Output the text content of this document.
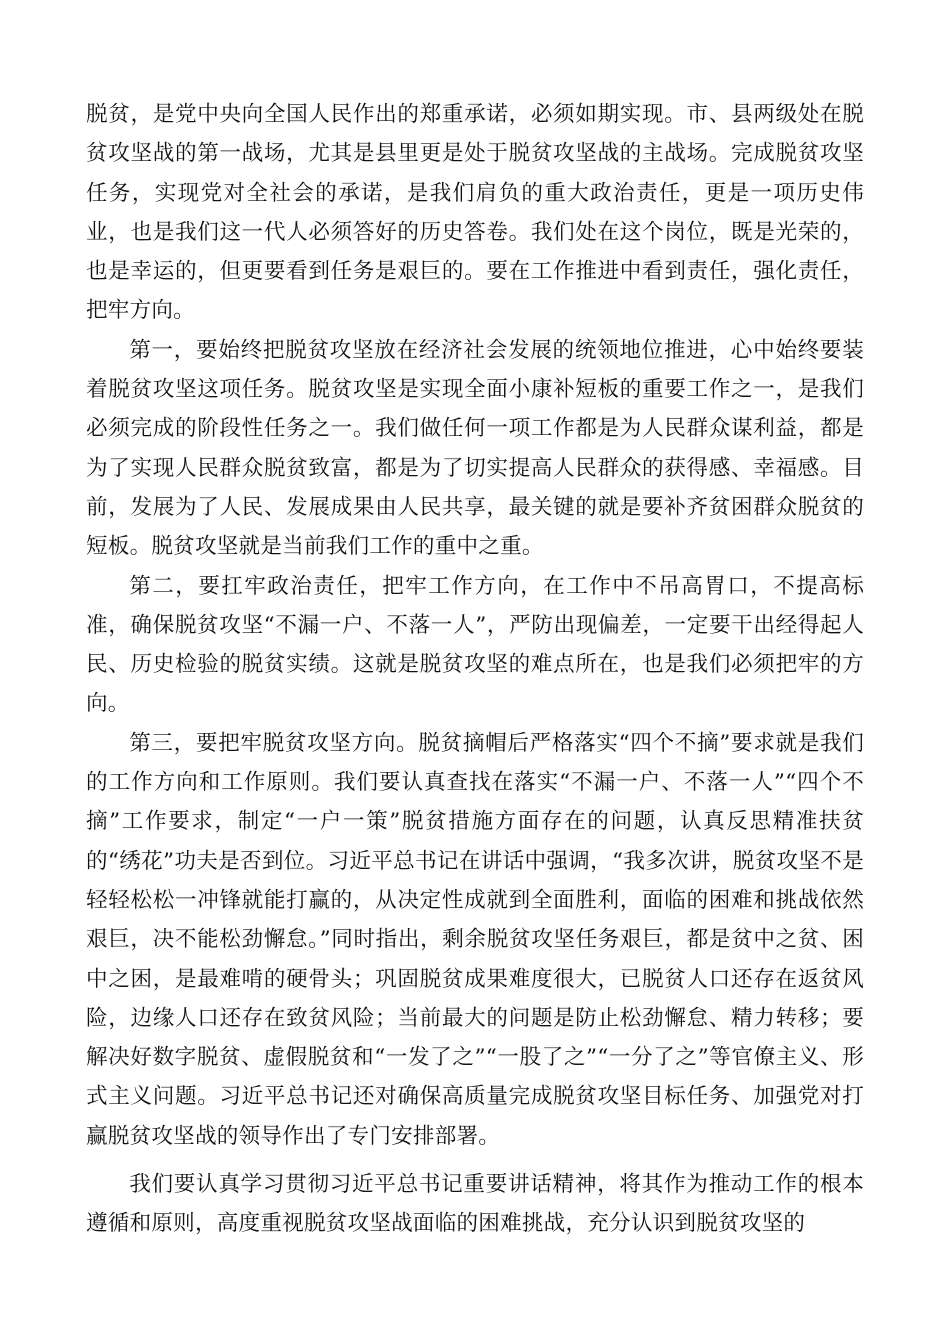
脱贫，是党中央向全国人民作出的郑重承诺，必须如期实现。市、县两级处在脱贫攻坚战的第一战场，尤其是县里更是处于脱贫攻坚战的主战场。完成脱贫攻坚任务，实现党对全社会的承诺，是我们肩负的重大政治责任，更是一项历史伟业，也是我们这一代人必须答好的历史答卷。我们处在这个岗位，既是光荣的，也是幸运的，但更要看到任务是艰巨的。要在工作推进中看到责任，强化责任，把牢方向。

第一，要始终把脱贫攻坚放在经济社会发展的统领地位推进，心中始终要装着脱贫攻坚这项任务。脱贫攻坚是实现全面小康补短板的重要工作之一，是我们必须完成的阶段性任务之一。我们做任何一项工作都是为人民群众谋利益，都是为了实现人民群众脱贫致富，都是为了切实提高人民群众的获得感、幸福感。目前，发展为了人民、发展成果由人民共享，最关键的就是要补齐贫困群众脱贫的短板。脱贫攻坚就是当前我们工作的重中之重。

第二，要扛牢政治责任，把牢工作方向，在工作中不吊高胃口，不提高标准，确保脱贫攻坚“不漏一户、不落一人”，严防出现偏差，一定要干出经得起人民、历史检验的脱贫实绩。这就是脱贫攻坚的难点所在，也是我们必须把牢的方向。

第三，要把牢脱贫攻坚方向。脱贫摘帽后严格落实“四个不摘”要求就是我们的工作方向和工作原则。我们要认真查找在落实“不漏一户、不落一人”“四个不摘”工作要求，制定“一户一策”脱贫措施方面存在的问题，认真反思精准扶贫的“绣花”功夫是否到位。习近平总书记在讲话中强调，“我多次讲，脱贫攻坚不是轻轻松松一冲锋就能打赢的，从决定性成就到全面胜利，面临的困难和挑战依然艰巨，决不能松劲懈怠。”同时指出，剩余脱贫攻坚任务艰巨，都是贫中之贫、困中之困，是最难啃的硬骨头；巩固脱贫成果难度很大，已脱贫人口还存在返贫风险，边缘人口还存在致贫风险；当前最大的问题是防止松劲懈怠、精力转移；要解决好数字脱贫、虚假脱贫和“一发了之”“一股了之”“一分了之”等官僚主义、形式主义问题。习近平总书记还对确保高质量完成脱贫攻坚目标任务、加强党对打赢脱贫攻坚战的领导作出了专门安排部署。

我们要认真学习贯彻习近平总书记重要讲话精神，将其作为推动工作的根本遵循和原则，高度重视脱贫攻坚战面临的困难挑战，充分认识到脱贫攻坚的
